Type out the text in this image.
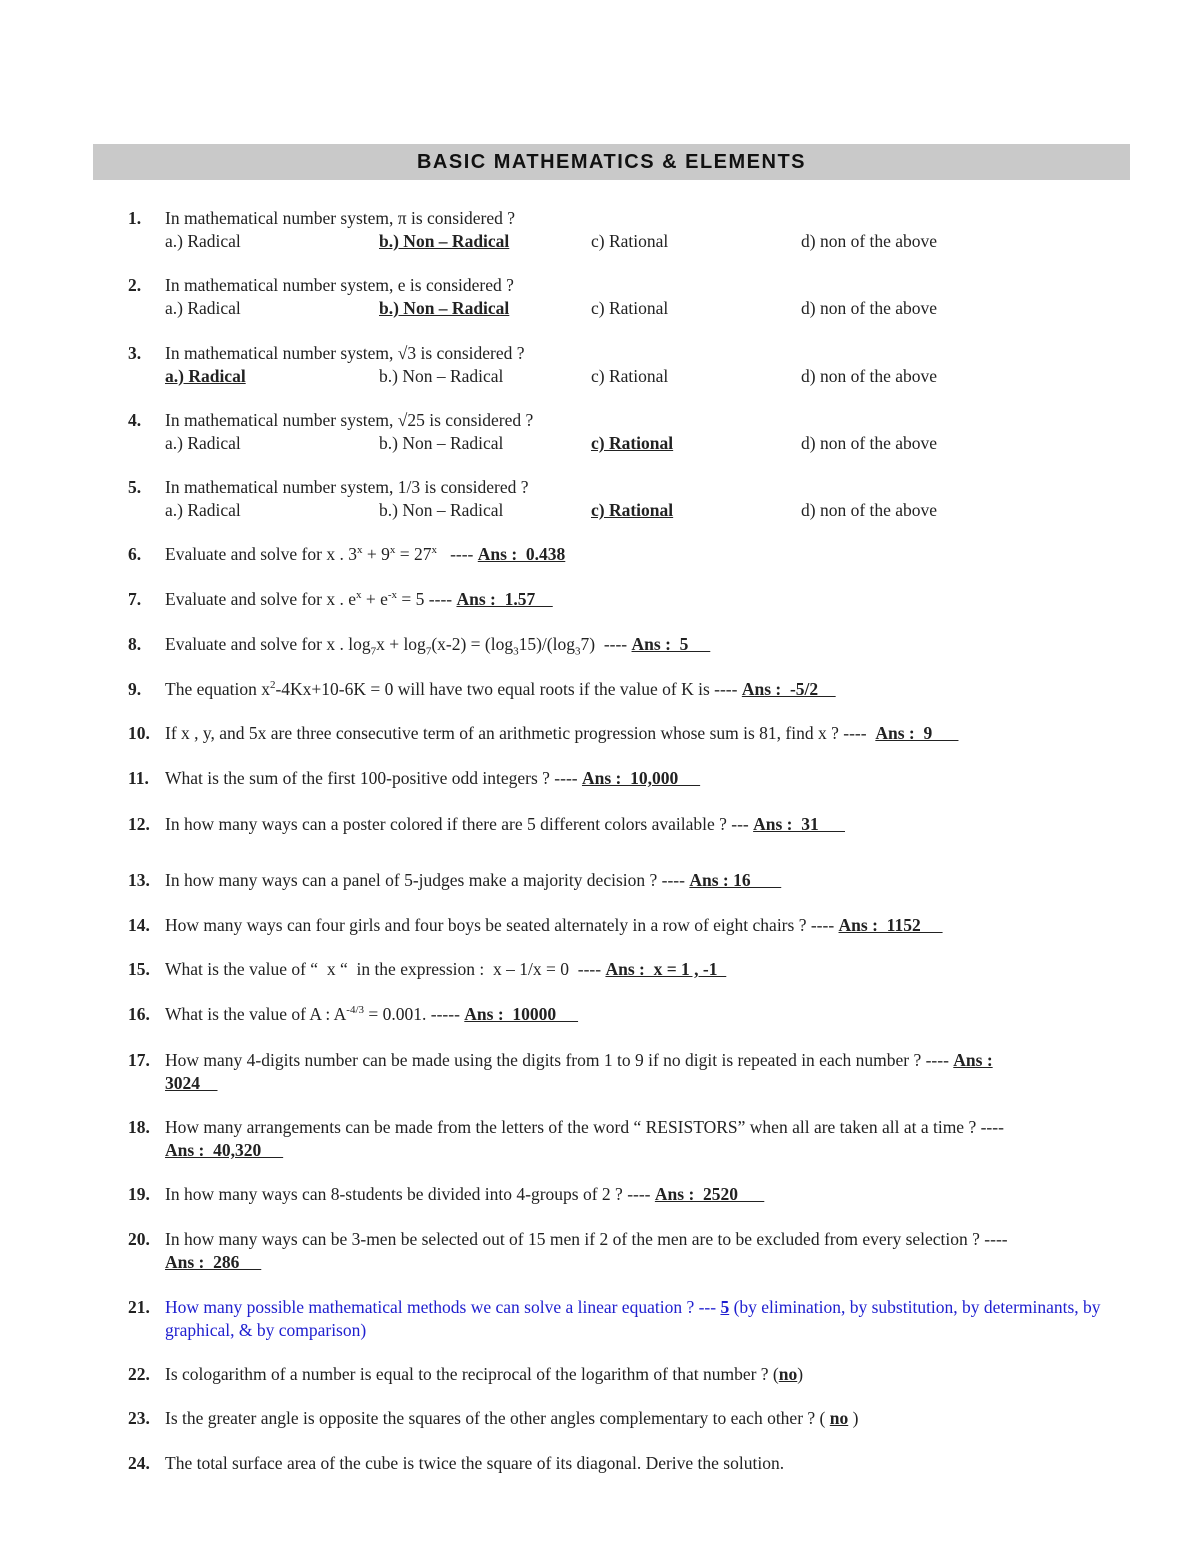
BASIC MATHEMATICS & ELEMENTS
1. In mathematical number system, π is considered ?
a.) Radical	b.) Non – Radical	c) Rational	d) non of the above
2. In mathematical number system, e is considered ?
a.) Radical	b.) Non – Radical	c) Rational	d) non of the above
3. In mathematical number system, √3 is considered ?
a.) Radical	b.) Non – Radical	c) Rational	d) non of the above
4. In mathematical number system, √25 is considered ?
a.) Radical	b.) Non – Radical	c) Rational	d) non of the above
5. In mathematical number system, 1/3 is considered ?
a.) Radical	b.) Non – Radical	c) Rational	d) non of the above
6. Evaluate and solve for x . $3^x + 9^x = 27^x$   ---- Ans :  0.438
7. Evaluate and solve for x . $e^x + e^{-x} = 5$ ---- Ans :  1.57
8. Evaluate and solve for x . $\log_7x + \log_7(x-2) = (\log_315)/(\log_37)$  ---- Ans :  5
9. The equation $x^2-4Kx+10-6K = 0$ will have two equal roots if the value of K is ---- Ans :  -5/2
10. If x , y, and 5x are three consecutive term of an arithmetic progression whose sum is 81, find x ? ----  Ans :  9
11. What is the sum of the first 100-positive odd integers ? ---- Ans :  10,000
12. In how many ways can a poster colored if there are 5 different colors available ? --- Ans :  31
13. In how many ways can a panel of 5-judges make a majority decision ? ---- Ans : 16
14. How many ways can four girls and four boys be seated alternately in a row of eight chairs ? ---- Ans :  1152
15. What is the value of “  x “  in the expression :  x – 1/x = 0  ---- Ans :  x = 1 , -1
16. What is the value of A : $A^{-4/3} = 0.001$. ----- Ans :  10000
17. How many 4-digits number can be made using the digits from 1 to 9 if no digit is repeated in each number ? ---- Ans :
3024
18. How many arrangements can be made from the letters of the word “ RESISTORS” when all are taken all at a time ? ----
Ans :  40,320
19. In how many ways can 8-students be divided into 4-groups of 2 ? ---- Ans :  2520
20. In how many ways can be 3-men be selected out of 15 men if 2 of the men are to be excluded from every selection ? ----
Ans :  286
21. How many possible mathematical methods we can solve a linear equation ? --- 5 (by elimination, by substitution, by determinants, by graphical, & by comparison)
22. Is cologarithm of a number is equal to the reciprocal of the logarithm of that number ? (no)
23. Is the greater angle is opposite the squares of the other angles complementary to each other ? ( no )
24. The total surface area of the cube is twice the square of its diagonal. Derive the solution.
